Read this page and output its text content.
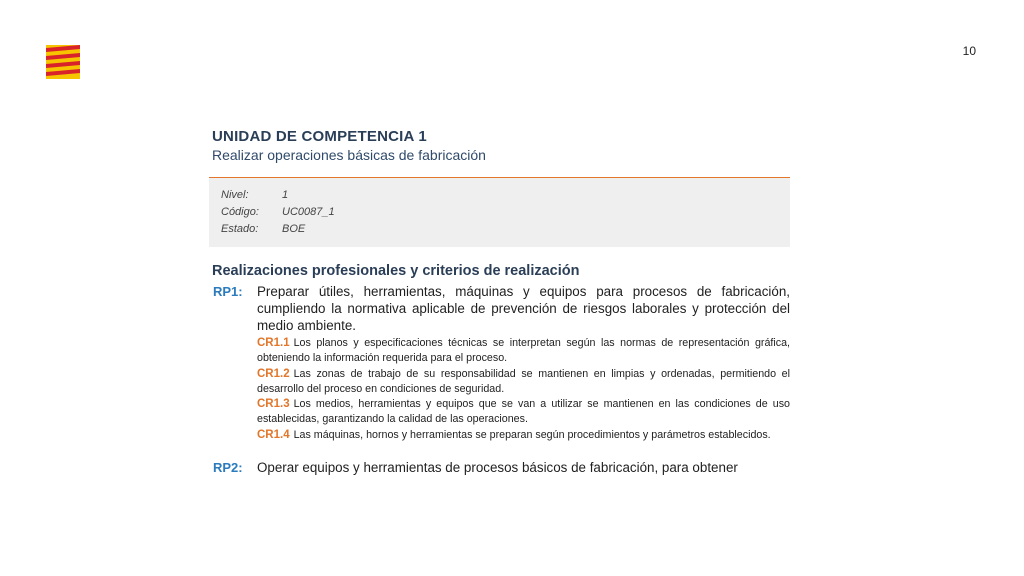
10
UNIDAD DE COMPETENCIA 1
Realizar operaciones básicas de fabricación
Nivel:	1
Código:	UC0087_1
Estado:	BOE
Realizaciones profesionales y criterios de realización
RP1:	Preparar útiles, herramientas, máquinas y equipos para procesos de fabricación, cumpliendo la normativa aplicable de prevención de riesgos laborales y protección del medio ambiente.
CR1.1 Los planos y especificaciones técnicas se interpretan según las normas de representación gráfica, obteniendo la información requerida para el proceso.
CR1.2 Las zonas de trabajo de su responsabilidad se mantienen en limpias y ordenadas, permitiendo el desarrollo del proceso en condiciones de seguridad.
CR1.3 Los medios, herramientas y equipos que se van a utilizar se mantienen en las condiciones de uso establecidas, garantizando la calidad de las operaciones.
CR1.4 Las máquinas, hornos y herramientas se preparan según procedimientos y parámetros establecidos.
RP2:	Operar equipos y herramientas de procesos básicos de fabricación, para obtener
